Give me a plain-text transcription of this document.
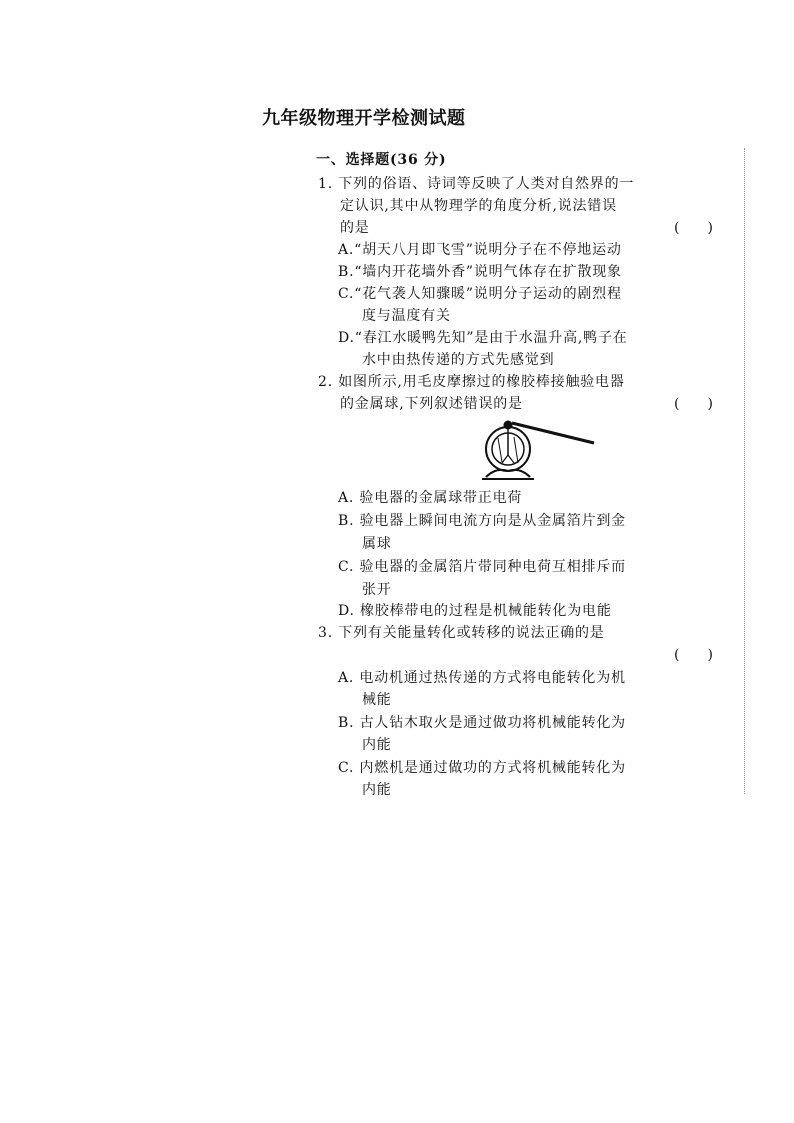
九年级物理开学检测试题
一、选择题(36 分)
1. 下列的俗语、诗词等反映了人类对自然界的一
定认识,其中从物理学的角度分析,说法错误
的是	(　　)
A.“胡天八月即飞雪”说明分子在不停地运动
B.“墙内开花墙外香”说明气体存在扩散现象
C.“花气袭人知骤暖”说明分子运动的剧烈程
度与温度有关
D.“春江水暖鸭先知”是由于水温升高,鸭子在
水中由热传递的方式先感觉到
2. 如图所示,用毛皮摩擦过的橡胶棒接触验电器
的金属球,下列叙述错误的是	(　　)
A. 验电器的金属球带正电荷
B. 验电器上瞬间电流方向是从金属箔片到金
属球
C. 验电器的金属箔片带同种电荷互相排斥而
张开
D. 橡胶棒带电的过程是机械能转化为电能
3. 下列有关能量转化或转移的说法正确的是
(　　)
A. 电动机通过热传递的方式将电能转化为机
械能
B. 古人钻木取火是通过做功将机械能转化为
内能
C. 内燃机是通过做功的方式将机械能转化为
内能
